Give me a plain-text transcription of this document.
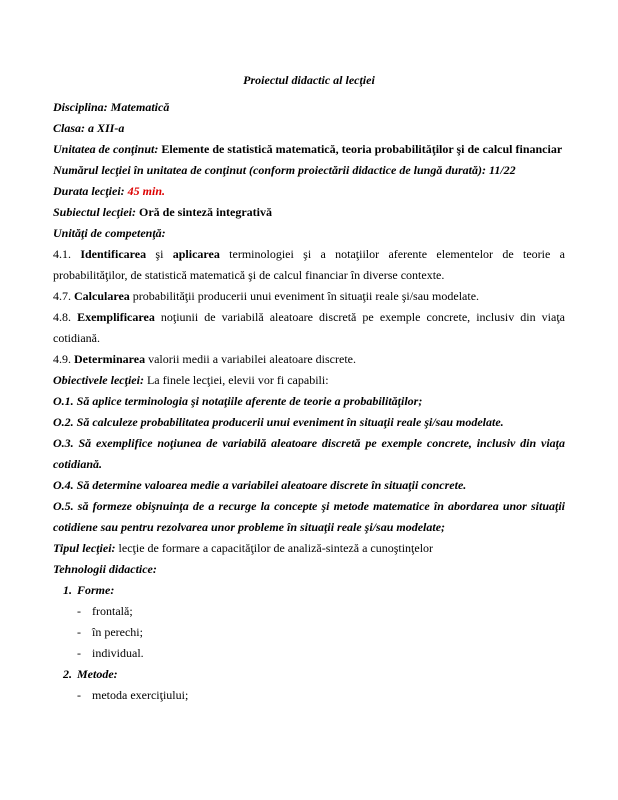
Proiectul didactic al lecţiei

Disciplina: Matematică

Clasa: a XII-a

Unitatea de conţinut: Elemente de statistică matematică, teoria probabilităţilor şi de calcul financiar

Numărul lecţiei în unitatea de conţinut (conform proiectării didactice de lungă durată): 11/22

Durata lecţiei: 45 min.

Subiectul lecţiei: Oră de sinteză integrativă

Unităţi de competenţă:

4.1. Identificarea şi aplicarea terminologiei şi a notaţiilor aferente elementelor de teorie a probabilităţilor, de statistică matematică şi de calcul financiar în diverse contexte.

4.7. Calcularea probabilităţii producerii unui eveniment în situaţii reale şi/sau modelate.

4.8. Exemplificarea noţiunii de variabilă aleatoare discretă pe exemple concrete, inclusiv din viaţa cotidiană.

4.9. Determinarea valorii medii a variabilei aleatoare discrete.

Obiectivele lecţiei: La finele lecţiei, elevii vor fi capabili:

O.1. Să aplice terminologia şi notaţiile aferente de teorie a probabilităţilor;

O.2. Să calculeze probabilitatea producerii unui eveniment în situaţii reale şi/sau modelate.

O.3. Să exemplifice noţiunea de variabilă aleatoare discretă pe exemple concrete, inclusiv din viaţa cotidiană.

O.4. Să determine valoarea medie a variabilei aleatoare discrete în situaţii concrete.

O.5. să formeze obişnuinţa de a recurge la concepte şi metode matematice în abordarea unor situaţii cotidiene sau pentru rezolvarea unor probleme în situaţii reale şi/sau modelate;

Tipul lecţiei: lecţie de formare a capacităţilor de analiză-sinteză a cunoştinţelor

Tehnologii didactice:

1. Forme:

- frontală;

- în perechi;

- individual.

2. Metode:

- metoda exerciţiului;
